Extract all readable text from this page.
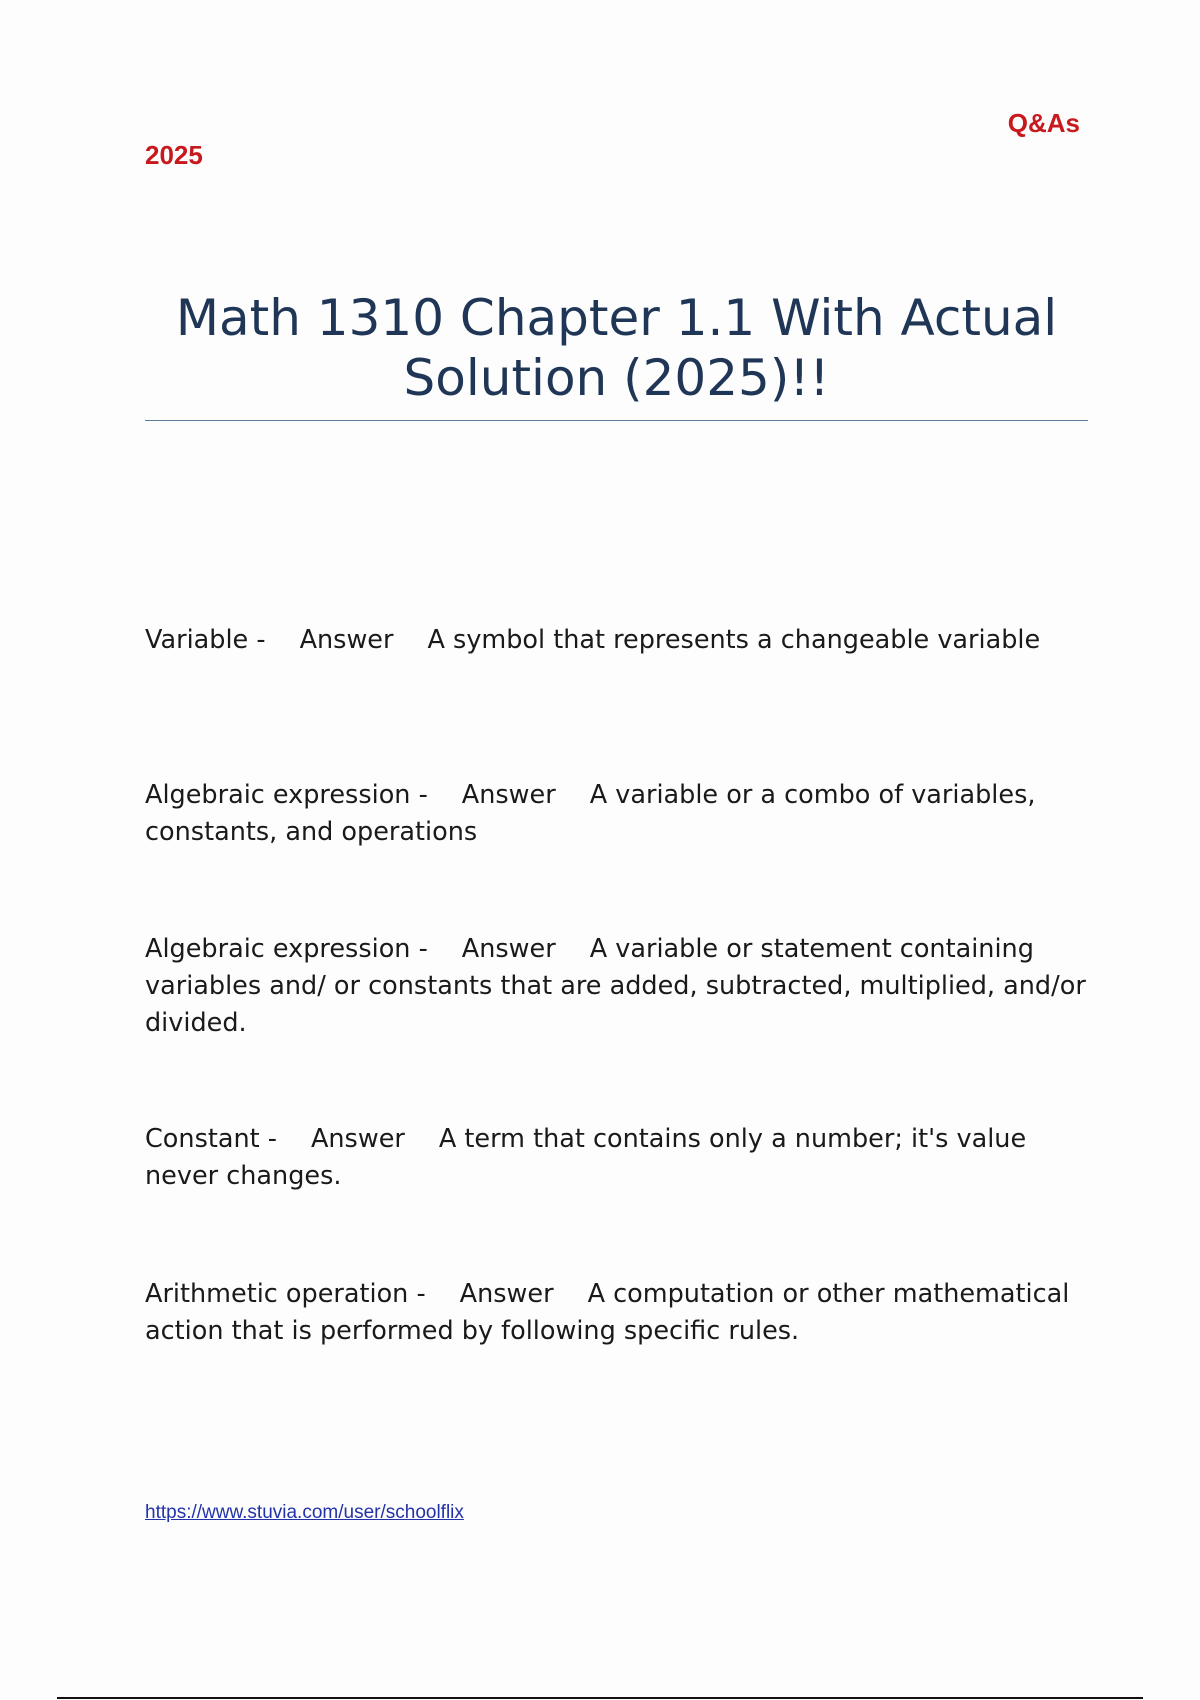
Q&As
2025
Math 1310 Chapter 1.1 With Actual Solution (2025)!!
Variable - Answer A symbol that represents a changeable variable
Algebraic expression - Answer A variable or a combo of variables, constants, and operations
Algebraic expression - Answer A variable or statement containing variables and/ or constants that are added, subtracted, multiplied, and/or divided.
Constant - Answer A term that contains only a number; it's value never changes.
Arithmetic operation - Answer A computation or other mathematical action that is performed by following specific rules.
https://www.stuvia.com/user/schoolflix
